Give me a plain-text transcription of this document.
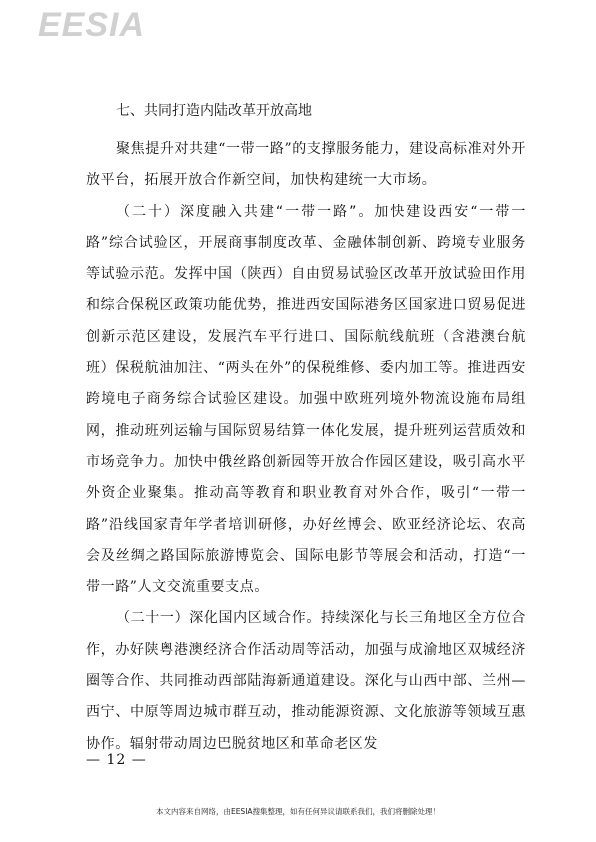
EESIA

七、共同打造内陆改革开放高地

聚焦提升对共建“一带一路”的支撑服务能力，建设高标准对外开放平台，拓展开放合作新空间，加快构建统一大市场。

（二十）深度融入共建“一带一路”。加快建设西安“一带一路”综合试验区，开展商事制度改革、金融体制创新、跨境专业服务等试验示范。发挥中国（陕西）自由贸易试验区改革开放试验田作用和综合保税区政策功能优势，推进西安国际港务区国家进口贸易促进创新示范区建设，发展汽车平行进口、国际航线航班（含港澳台航班）保税航油加注、“两头在外”的保税维修、委内加工等。推进西安跨境电子商务综合试验区建设。加强中欧班列境外物流设施布局组网，推动班列运输与国际贸易结算一体化发展，提升班列运营质效和市场竞争力。加快中俄丝路创新园等开放合作园区建设，吸引高水平外资企业聚集。推动高等教育和职业教育对外合作，吸引“一带一路”沿线国家青年学者培训研修，办好丝博会、欧亚经济论坛、农高会及丝绸之路国际旅游博览会、国际电影节等展会和活动，打造“一带一路”人文交流重要支点。

（二十一）深化国内区域合作。持续深化与长三角地区全方位合作，办好陕粤港澳经济合作活动周等活动，加强与成渝地区双城经济圈等合作、共同推动西部陆海新通道建设。深化与山西中部、兰州—西宁、中原等周边城市群互动，推动能源资源、文化旅游等领域互惠协作。辐射带动周边巴脱贫地区和革命老区发

— 12 —
本文内容来自网络，由EESIA搜集整理，如有任何异议请联系我们，我们将删除处理！
